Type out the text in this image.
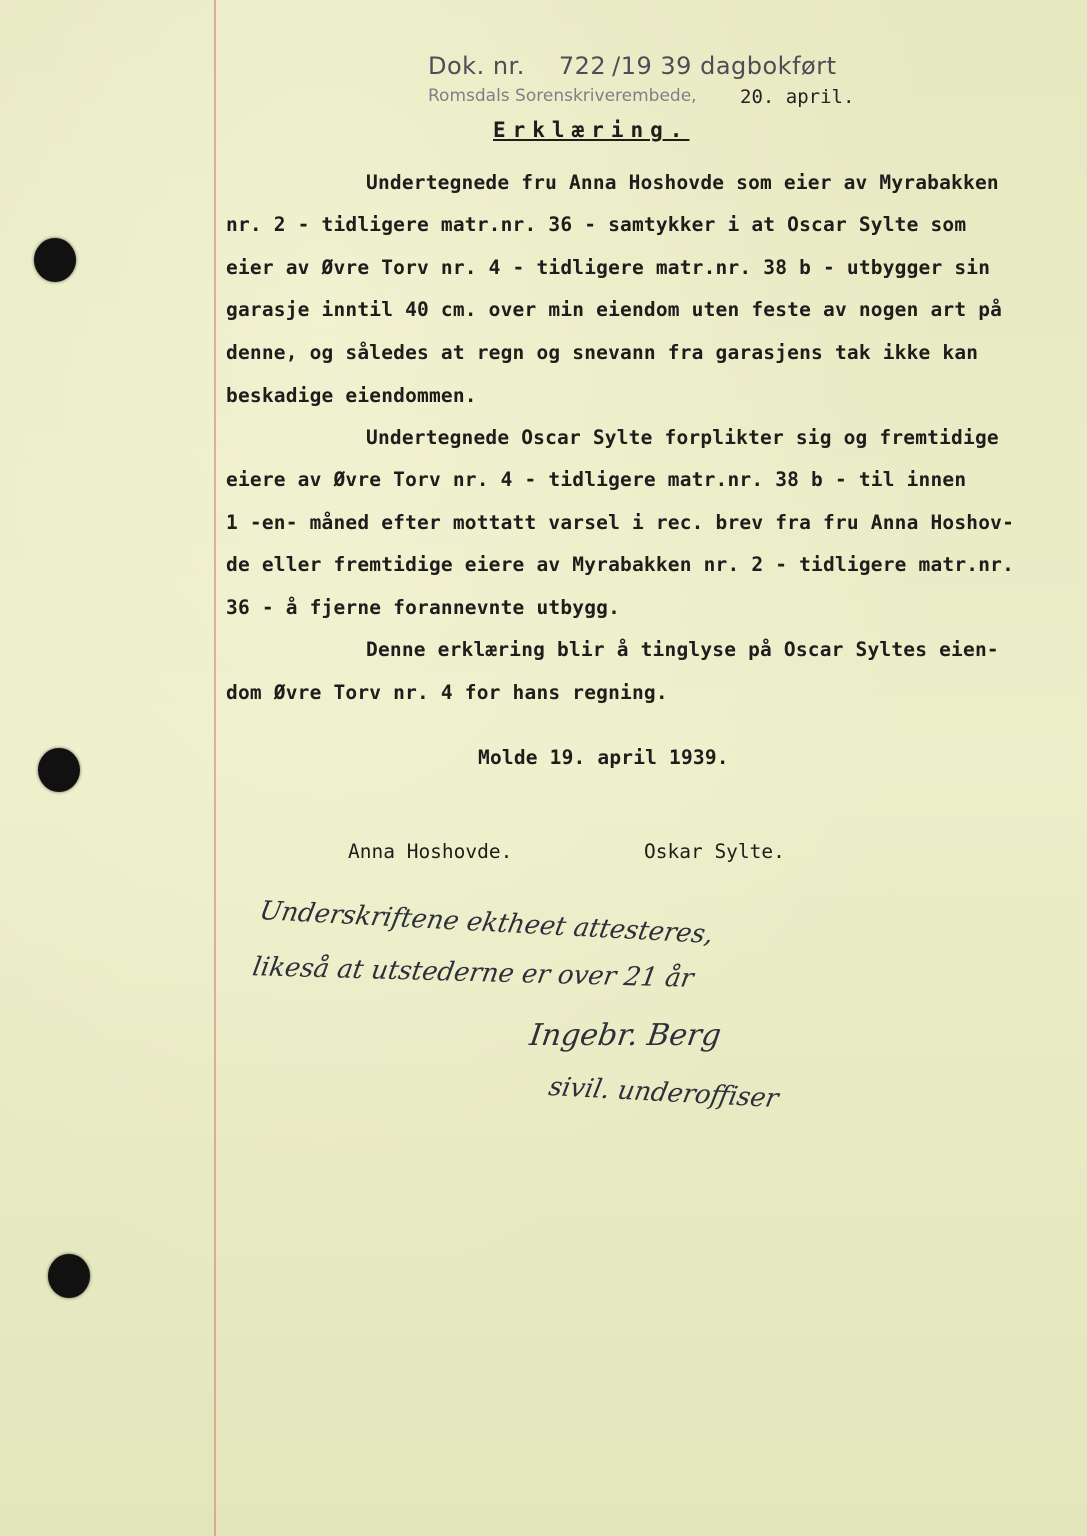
Dok. nr. 722 /19 39 dagbokført
Romsdals Sorenskriverembede, 20. april.
Erklæring.
Undertegnede fru Anna Hoshovde som eier av Myrabakken
nr. 2 - tidligere matr.nr. 36 - samtykker i at Oscar Sylte som
eier av Øvre Torv nr. 4 - tidligere matr.nr. 38 b - utbygger sin
garasje inntil 40 cm. over min eiendom uten feste av nogen art på
denne, og således at regn og snevann fra garasjens tak ikke kan
beskadige eiendommen.
Undertegnede Oscar Sylte forplikter sig og fremtidige
eiere av Øvre Torv nr. 4 - tidligere matr.nr. 38 b - til innen
1 -en- måned efter mottatt varsel i rec. brev fra fru Anna Hoshov-
de eller fremtidige eiere av Myrabakken nr. 2 - tidligere matr.nr.
36 - å fjerne forannevnte utbygg.
Denne erklæring blir å tinglyse på Oscar Syltes eien-
dom Øvre Torv nr. 4 for hans regning.
Molde 19. april 1939.
Anna Hoshovde.	Oskar Sylte.
Underskriftene ektheet attesteres,
likeså at utstederne er over 21 år
Ingebr. Berg
sivil. underoffiser
